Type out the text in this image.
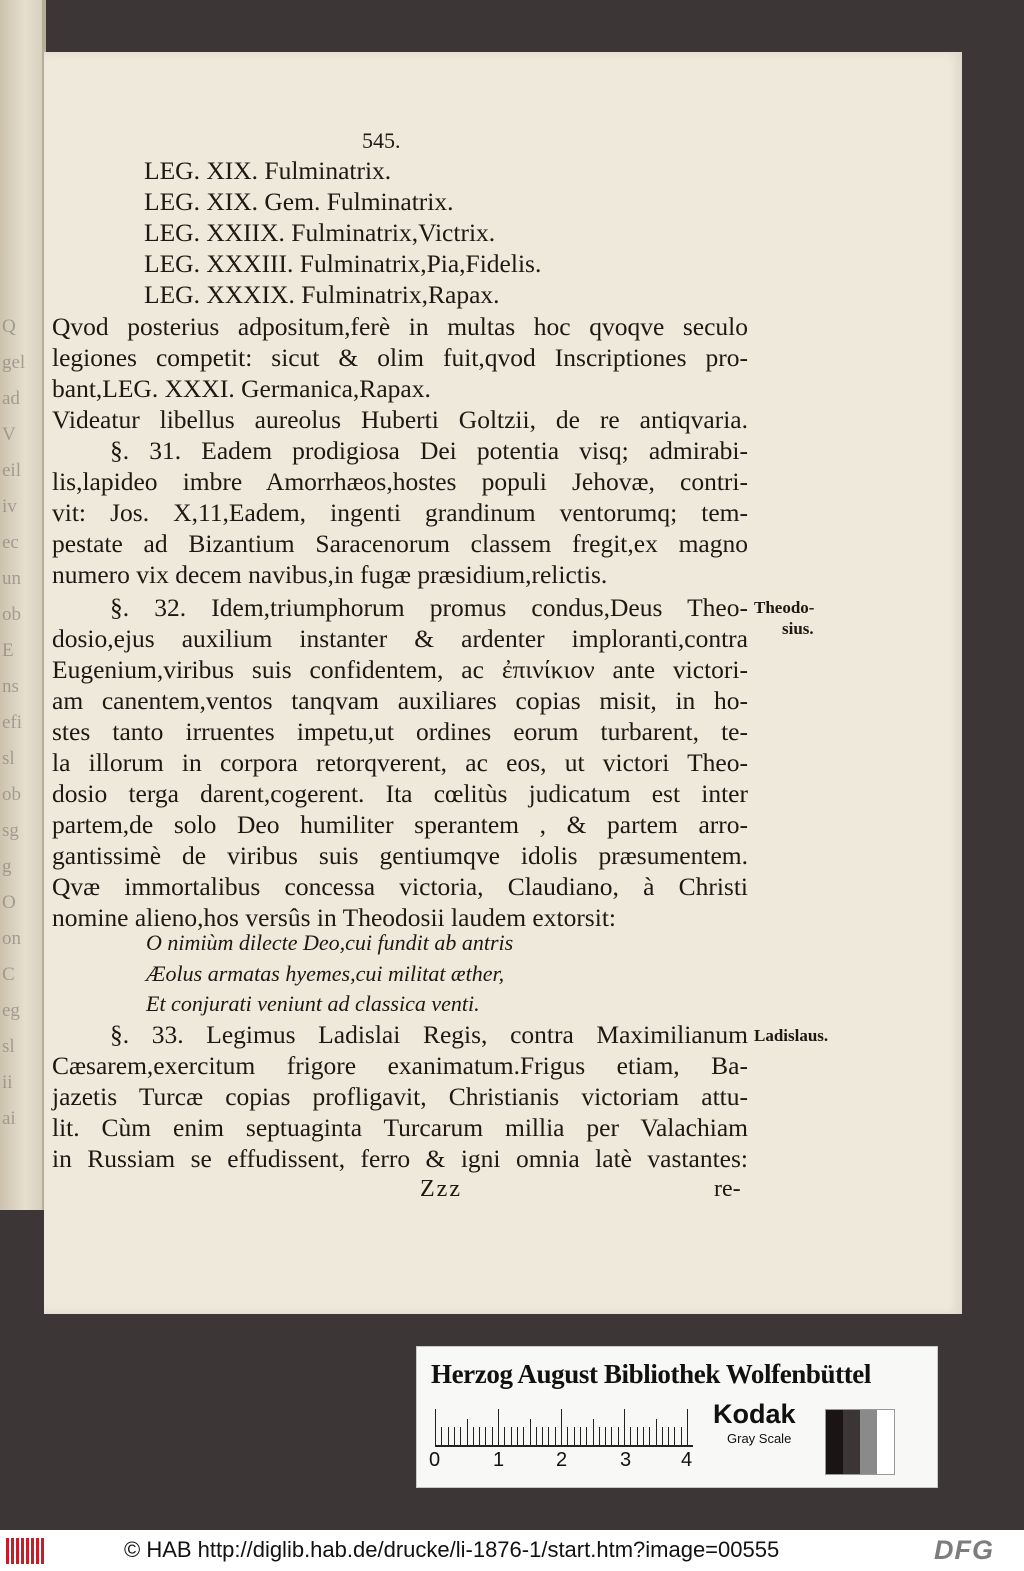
Q
gel
ad
V
eil
iv
ec
un
ob
E
ns
efi
sl
ob
sg
g
O
on
C
eg
sl
ii
ai
545.
LEG. XIX. Fulminatrix.
LEG. XIX. Gem. Fulminatrix.
LEG. XXIIX. Fulminatrix,Victrix.
LEG. XXXIII. Fulminatrix,Pia,Fidelis.
LEG. XXXIX. Fulminatrix,Rapax.
Qvod posterius adpositum,ferè in multas hoc qvoqve seculo
legiones competit: sicut & olim fuit,qvod Inscriptiones pro-
bant,LEG. XXXI. Germanica,Rapax.
Videatur libellus aureolus Huberti Goltzii, de re antiqvaria.
§. 31. Eadem prodigiosa Dei potentia visq; admirabi-
lis,lapideo imbre Amorrhæos,hostes populi Jehovæ, contri-
vit: Jos. X,11,Eadem, ingenti grandinum ventorumq; tem-
pestate ad Bizantium Saracenorum classem fregit,ex magno
numero vix decem navibus,in fugæ præsidium,relictis.
§. 32. Idem,triumphorum promus condus,Deus Theo-
dosio,ejus auxilium instanter & ardenter imploranti,contra
Eugenium,viribus suis confidentem, ac ἐπινίκιον ante victori-
am canentem,ventos tanqvam auxiliares copias misit, in ho-
stes tanto irruentes impetu,ut ordines eorum turbarent, te-
la illorum in corpora retorqverent, ac eos, ut victori Theo-
dosio terga darent,cogerent. Ita cœlitùs judicatum est inter
partem,de solo Deo humiliter sperantem , & partem arro-
gantissimè de viribus suis gentiumqve idolis præsumentem.
Qvæ immortalibus concessa victoria, Claudiano, à Christi
nomine alieno,hos versûs in Theodosii laudem extorsit:
O nimiùm dilecte Deo,cui fundit ab antris
Æolus armatas hyemes,cui militat æther,
Et conjurati veniunt ad classica venti.
§. 33. Legimus Ladislai Regis, contra Maximilianum
Cæsarem,exercitum frigore exanimatum.Frigus etiam, Ba-
jazetis Turcæ copias profligavit, Christianis victoriam attu-
lit. Cùm enim septuaginta Turcarum millia per Valachiam
in Russiam se effudissent, ferro & igni omnia latè vastantes:
Theodo-
sius.
Ladislaus.
Zzz	re-
Herzog August Bibliothek Wolfenbüttel
0	1	2	3 4
Kodak
Gray Scale
© HAB http://diglib.hab.de/drucke/li-1876-1/start.htm?image=00555	DFG
